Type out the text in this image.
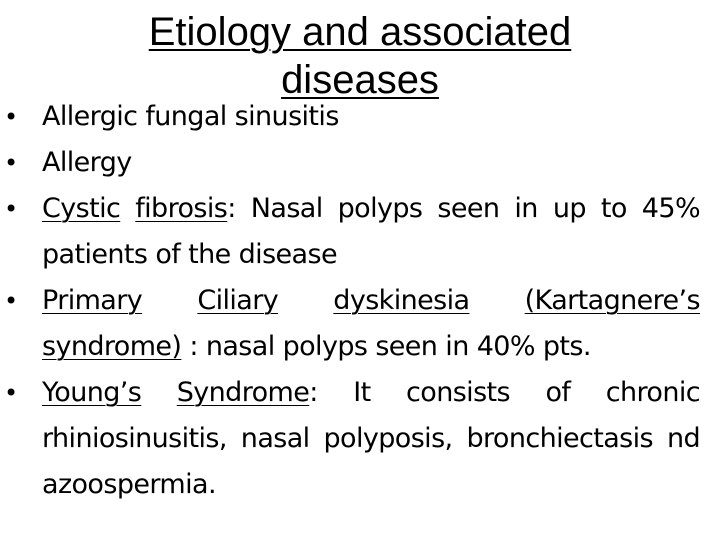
Etiology and associated diseases
• Allergic fungal sinusitis
• Allergy
• Cystic fibrosis: Nasal polyps seen in up to 45% patients of the disease
• Primary Ciliary dyskinesia (Kartagnere’s syndrome) : nasal polyps seen in 40% pts.
• Young’s Syndrome: It consists of chronic rhiniosinusitis, nasal polyposis, bronchiectasis nd azoospermia.
